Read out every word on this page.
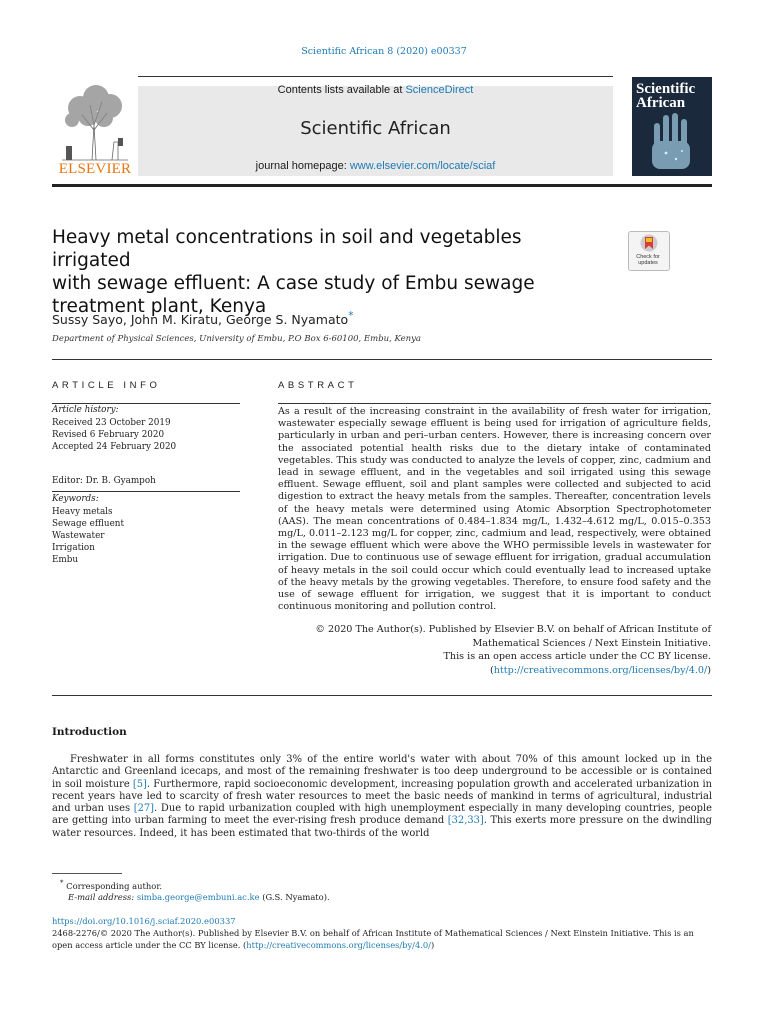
Scientific African 8 (2020) e00337
ELSEVIER
Contents lists available at ScienceDirect
Scientific African
journal homepage: www.elsevier.com/locate/sciaf
Scientific African
Heavy metal concentrations in soil and vegetables irrigated
with sewage effluent: A case study of Embu sewage
treatment plant, Kenya
Check for updates
Sussy Sayo, John M. Kiratu, George S. Nyamato*
Department of Physical Sciences, University of Embu, P.O Box 6-60100, Embu, Kenya
ARTICLE INFO
Article history:
Received 23 October 2019
Revised 6 February 2020
Accepted 24 February 2020
Editor: Dr. B. Gyampoh
Keywords:
Heavy metals
Sewage effluent
Wastewater
Irrigation
Embu
ABSTRACT
As a result of the increasing constraint in the availability of fresh water for irrigation, wastewater especially sewage effluent is being used for irrigation of agriculture fields, particularly in urban and peri–urban centers. However, there is increasing concern over the associated potential health risks due to the dietary intake of contaminated vegetables. This study was conducted to analyze the levels of copper, zinc, cadmium and lead in sewage effluent, and in the vegetables and soil irrigated using this sewage effluent. Sewage effluent, soil and plant samples were collected and subjected to acid digestion to extract the heavy metals from the samples. Thereafter, concentration levels of the heavy metals were determined using Atomic Absorption Spectrophotometer (AAS). The mean concentrations of 0.484–1.834 mg/L, 1.432–4.612 mg/L, 0.015–0.353 mg/L, 0.011–2.123 mg/L for copper, zinc, cadmium and lead, respectively, were obtained in the sewage effluent which were above the WHO permissible levels in wastewater for irrigation. Due to continuous use of sewage effluent for irrigation, gradual accumulation of heavy metals in the soil could occur which could eventually lead to increased uptake of the heavy metals by the growing vegetables. Therefore, to ensure food safety and the use of sewage effluent for irrigation, we suggest that it is important to conduct continuous monitoring and pollution control.
© 2020 The Author(s). Published by Elsevier B.V. on behalf of African Institute of
Mathematical Sciences / Next Einstein Initiative.
This is an open access article under the CC BY license.
(http://creativecommons.org/licenses/by/4.0/)
Introduction
Freshwater in all forms constitutes only 3% of the entire world's water with about 70% of this amount locked up in the Antarctic and Greenland icecaps, and most of the remaining freshwater is too deep underground to be accessible or is contained in soil moisture [5]. Furthermore, rapid socioeconomic development, increasing population growth and accelerated urbanization in recent years have led to scarcity of fresh water resources to meet the basic needs of mankind in terms of agricultural, industrial and urban uses [27]. Due to rapid urbanization coupled with high unemployment especially in many developing countries, people are getting into urban farming to meet the ever-rising fresh produce demand [32,33]. This exerts more pressure on the dwindling water resources. Indeed, it has been estimated that two-thirds of the world
* Corresponding author.
E-mail address: simba.george@embuni.ac.ke (G.S. Nyamato).
https://doi.org/10.1016/j.sciaf.2020.e00337
2468-2276/© 2020 The Author(s). Published by Elsevier B.V. on behalf of African Institute of Mathematical Sciences / Next Einstein Initiative. This is an open access article under the CC BY license. (http://creativecommons.org/licenses/by/4.0/)
